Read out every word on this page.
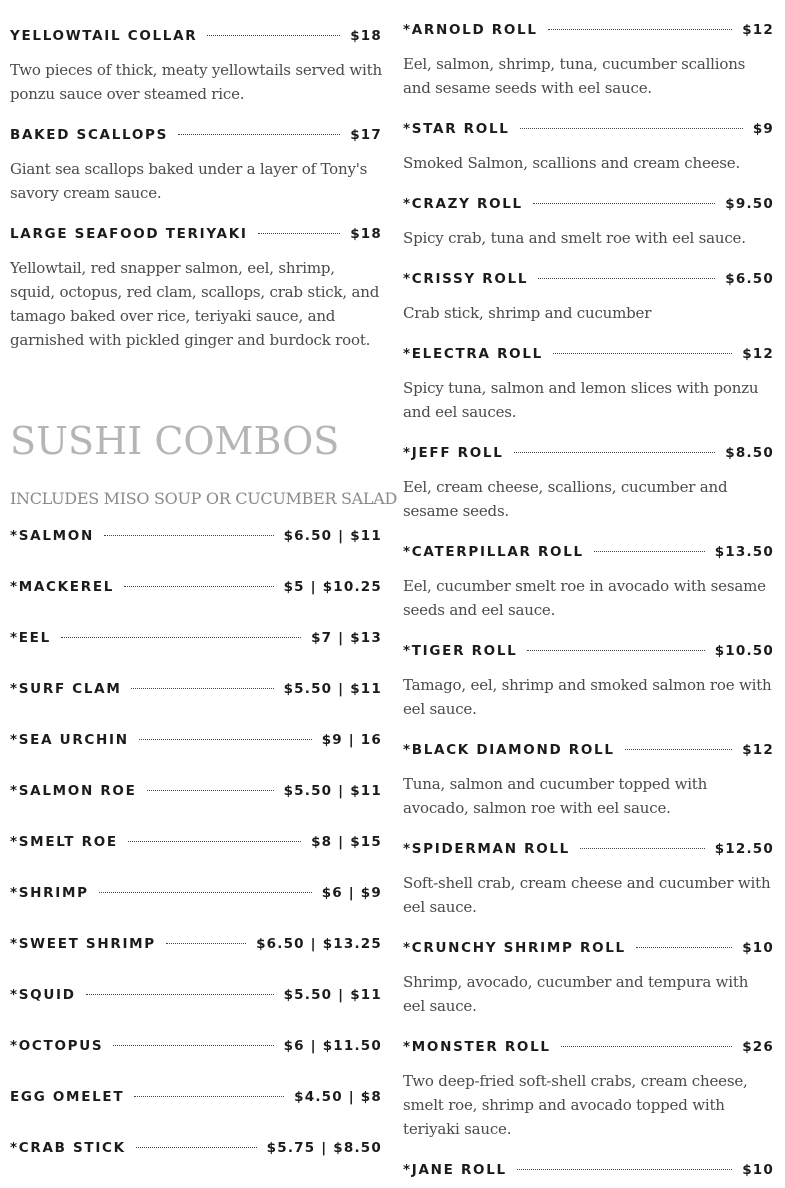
YELLOWTAIL COLLAR	$18
Two pieces of thick, meaty yellowtails served with ponzu sauce over steamed rice.
BAKED SCALLOPS	$17
Giant sea scallops baked under a layer of Tony's savory cream sauce.
LARGE SEAFOOD TERIYAKI	$18
Yellowtail, red snapper salmon, eel, shrimp, squid, octopus, red clam, scallops, crab stick, and tamago baked over rice, teriyaki sauce, and garnished with pickled ginger and burdock root.
SUSHI COMBOS
INCLUDES MISO SOUP OR CUCUMBER SALAD
*SALMON	$6.50 | $11
*MACKEREL	$5 | $10.25
*EEL	$7 | $13
*SURF CLAM	$5.50 | $11
*SEA URCHIN	$9 | 16
*SALMON ROE	$5.50 | $11
*SMELT ROE	$8 | $15
*SHRIMP	$6 | $9
*SWEET SHRIMP	$6.50 | $13.25
*SQUID	$5.50 | $11
*OCTOPUS	$6 | $11.50
EGG OMELET	$4.50 | $8
*CRAB STICK	$5.75 | $8.50
*ARNOLD ROLL	$12
Eel, salmon, shrimp, tuna, cucumber scallions and sesame seeds with eel sauce.
*STAR ROLL	$9
Smoked Salmon, scallions and cream cheese.
*CRAZY ROLL	$9.50
Spicy crab, tuna and smelt roe with eel sauce.
*CRISSY ROLL	$6.50
Crab stick, shrimp and cucumber
*ELECTRA ROLL	$12
Spicy tuna, salmon and lemon slices with ponzu and eel sauces.
*JEFF ROLL	$8.50
Eel, cream cheese, scallions, cucumber and sesame seeds.
*CATERPILLAR ROLL	$13.50
Eel, cucumber smelt roe in avocado with sesame seeds and eel sauce.
*TIGER ROLL	$10.50
Tamago, eel, shrimp and smoked salmon roe with eel sauce.
*BLACK DIAMOND ROLL	$12
Tuna, salmon and cucumber topped with avocado, salmon roe with eel sauce.
*SPIDERMAN ROLL	$12.50
Soft-shell crab, cream cheese and cucumber with eel sauce.
*CRUNCHY SHRIMP ROLL	$10
Shrimp, avocado, cucumber and tempura with eel sauce.
*MONSTER ROLL	$26
Two deep-fried soft-shell crabs, cream cheese, smelt roe, shrimp and avocado topped with teriyaki sauce.
*JANE ROLL	$10
